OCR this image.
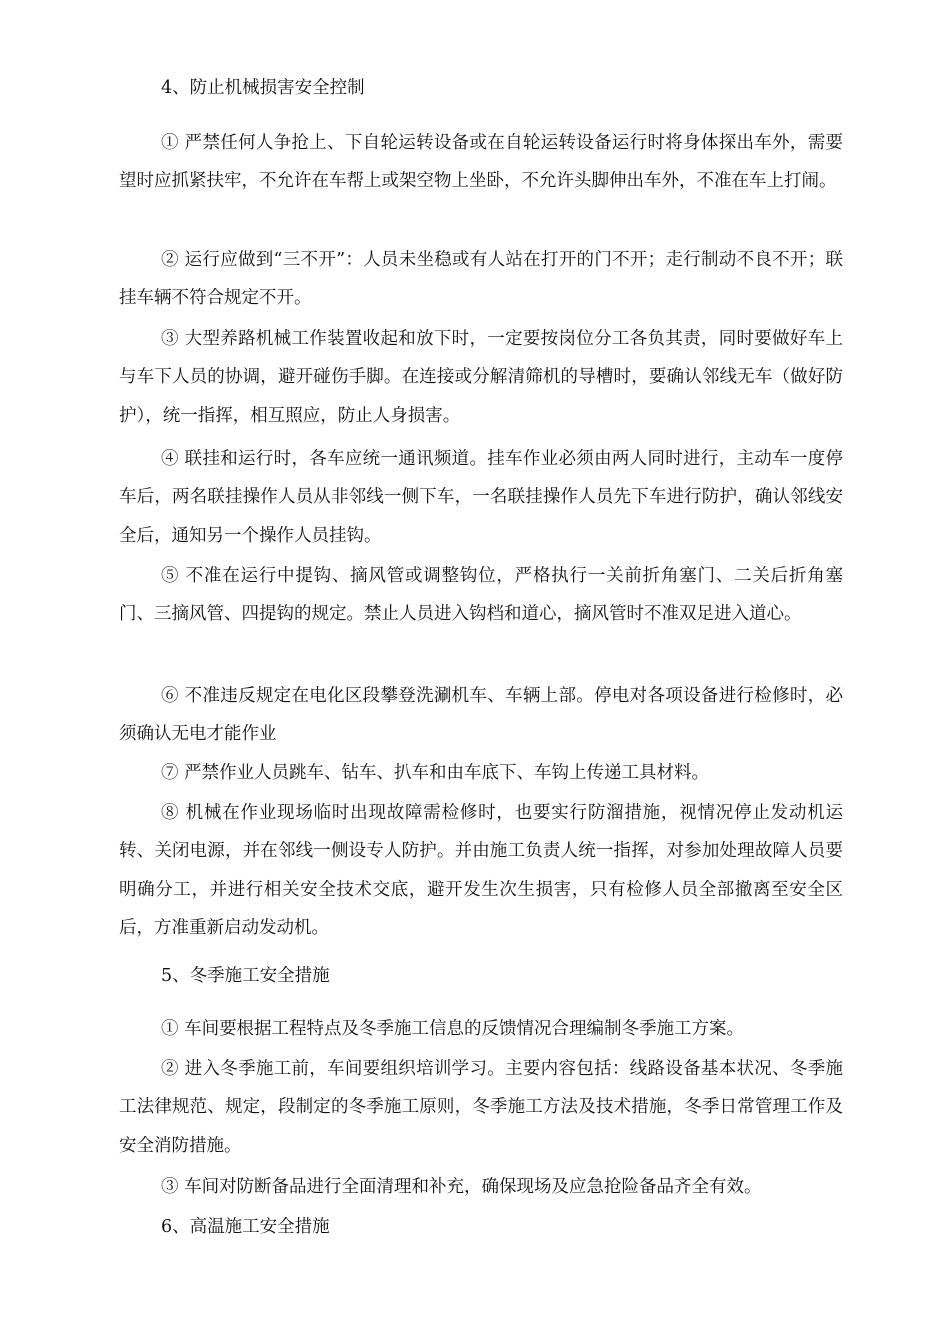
4、防止机械损害安全控制

① 严禁任何人争抢上、下自轮运转设备或在自轮运转设备运行时将身体探出车外，需要 望时应抓紧扶牢，不允许在车帮上或架空物上坐卧，不允许头脚伸出车外，不准在车上打闹。

② 运行应做到“三不开”：人员未坐稳或有人站在打开的门不开；走行制动不良不开；联挂车辆不符合规定不开。

③ 大型养路机械工作装置收起和放下时，一定要按岗位分工各负其责，同时要做好车上与车下人员的协调，避开碰伤手脚。在连接或分解清筛机的导槽时，要确认邻线无车（做好防护），统一指挥，相互照应，防止人身损害。

④ 联挂和运行时，各车应统一通讯频道。挂车作业必须由两人同时进行，主动车一度停车后，两名联挂操作人员从非邻线一侧下车，一名联挂操作人员先下车进行防护，确认邻线安全后，通知另一个操作人员挂钩。

⑤ 不准在运行中提钩、摘风管或调整钩位，严格执行一关前折角塞门、二关后折角塞门、三摘风管、四提钩的规定。禁止人员进入钩档和道心，摘风管时不准双足进入道心。

⑥ 不准违反规定在电化区段攀登洗涮机车、车辆上部。停电对各项设备进行检修时，必须确认无电才能作业

⑦ 严禁作业人员跳车、钻车、扒车和由车底下、车钩上传递工具材料。

⑧ 机械在作业现场临时出现故障需检修时，也要实行防溜措施，视情况停止发动机运转、关闭电源，并在邻线一侧设专人防护。并由施工负责人统一指挥，对参加处理故障人员要明确分工，并进行相关安全技术交底，避开发生次生损害，只有检修人员全部撤离至安全区后，方准重新启动发动机。

5、冬季施工安全措施

① 车间要根据工程特点及冬季施工信息的反馈情况合理编制冬季施工方案。

② 进入冬季施工前，车间要组织培训学习。主要内容包括：线路设备基本状况、冬季施工法律规范、规定，段制定的冬季施工原则，冬季施工方法及技术措施，冬季日常管理工作及安全消防措施。

③ 车间对防断备品进行全面清理和补充，确保现场及应急抢险备品齐全有效。

6、高温施工安全措施
